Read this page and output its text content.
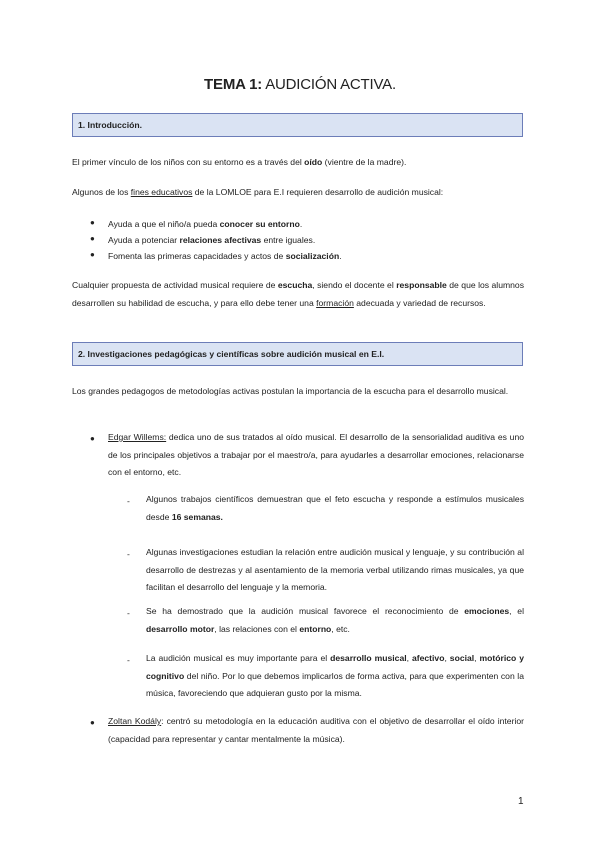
TEMA 1: AUDICIÓN ACTIVA.
1. Introducción.
El primer vínculo de los niños con su entorno es a través del oído (vientre de la madre).
Algunos de los fines educativos de la LOMLOE para E.I requieren desarrollo de audición musical:
● Ayuda a que el niño/a pueda conocer su entorno.
● Ayuda a potenciar relaciones afectivas entre iguales.
● Fomenta las primeras capacidades y actos de socialización.
Cualquier propuesta de actividad musical requiere de escucha, siendo el docente el responsable de que los alumnos desarrollen su habilidad de escucha, y para ello debe tener una formación adecuada y variedad de recursos.
2. Investigaciones pedagógicas y científicas sobre audición musical en E.I.
Los grandes pedagogos de metodologías activas postulan la importancia de la escucha para el desarrollo musical.
● Edgar Willems: dedica uno de sus tratados al oído musical. El desarrollo de la sensorialidad auditiva es uno de los principales objetivos a trabajar por el maestro/a, para ayudarles a desarrollar emociones, relacionarse con el entorno, etc.
- Algunos trabajos científicos demuestran que el feto escucha y responde a estímulos musicales desde 16 semanas.
- Algunas investigaciones estudian la relación entre audición musical y lenguaje, y su contribución al desarrollo de destrezas y al asentamiento de la memoria verbal utilizando rimas musicales, ya que facilitan el desarrollo del lenguaje y la memoria.
- Se ha demostrado que la audición musical favorece el reconocimiento de emociones, el desarrollo motor, las relaciones con el entorno, etc.
- La audición musical es muy importante para el desarrollo musical, afectivo, social, motórico y cognitivo del niño. Por lo que debemos implicarlos de forma activa, para que experimenten con la música, favoreciendo que adquieran gusto por la misma.
● Zoltan Kodály: centró su metodología en la educación auditiva con el objetivo de desarrollar el oído interior (capacidad para representar y cantar mentalmente la música).
1
